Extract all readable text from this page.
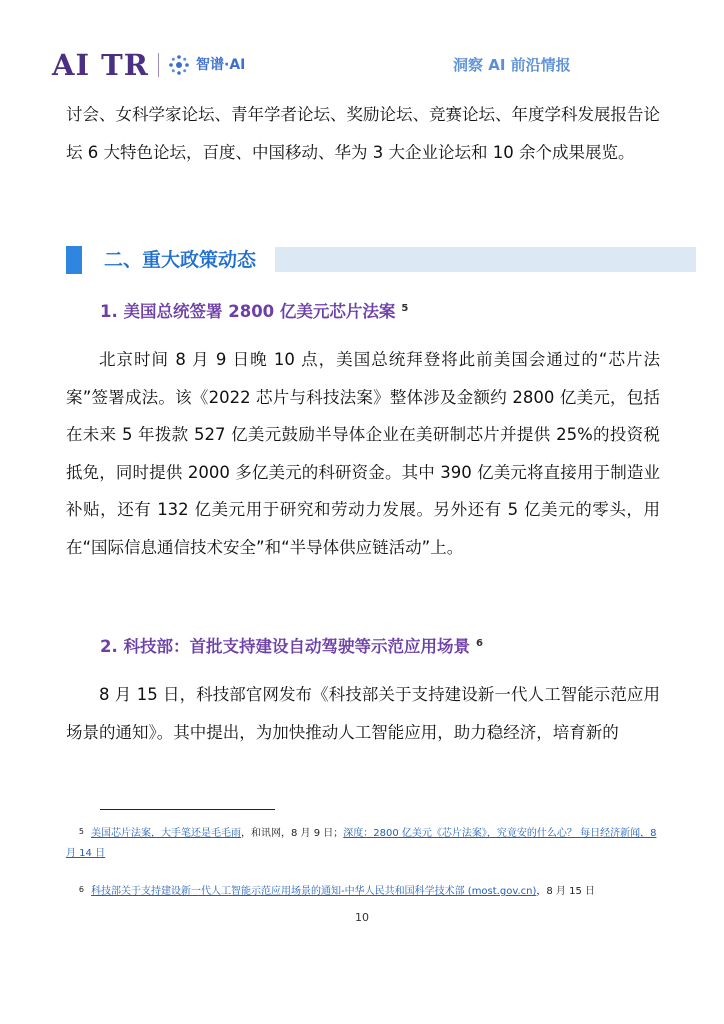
AI TR	智谱·AI	洞察 AI 前沿情报

讨会、女科学家论坛、青年学者论坛、奖励论坛、竞赛论坛、年度学科发展报告论坛 6 大特色论坛，百度、中国移动、华为 3 大企业论坛和 10 余个成果展览。

二、重大政策动态
1. 美国总统签署 2800 亿美元芯片法案 $^5$

北京时间 8 月 9 日晚 10 点，美国总统拜登将此前美国会通过的“芯片法案”签署成法。该《2022 芯片与科技法案》整体涉及金额约 2800 亿美元，包括在未来 5 年拨款 527 亿美元鼓励半导体企业在美研制芯片并提供 25%的投资税抵免，同时提供 2000 多亿美元的科研资金。其中 390 亿美元将直接用于制造业补贴，还有 132 亿美元用于研究和劳动力发展。另外还有 5 亿美元的零头，用在“国际信息通信技术安全”和“半导体供应链活动”上。

2. 科技部：首批支持建设自动驾驶等示范应用场景 $^6$

8 月 15 日，科技部官网发布《科技部关于支持建设新一代人工智能示范应用场景的通知》。其中提出，为加快推动人工智能应用，助力稳经济，培育新的

5 美国芯片法案，大手笔还是毛毛雨，和讯网，8 月 9 日；深度：2800 亿美元《芯片法案》，究竟安的什么心？ 每日经济新闻，8 月 14 日
6 科技部关于支持建设新一代人工智能示范应用场景的通知-中华人民共和国科学技术部 (most.gov.cn)，8 月 15 日
10
